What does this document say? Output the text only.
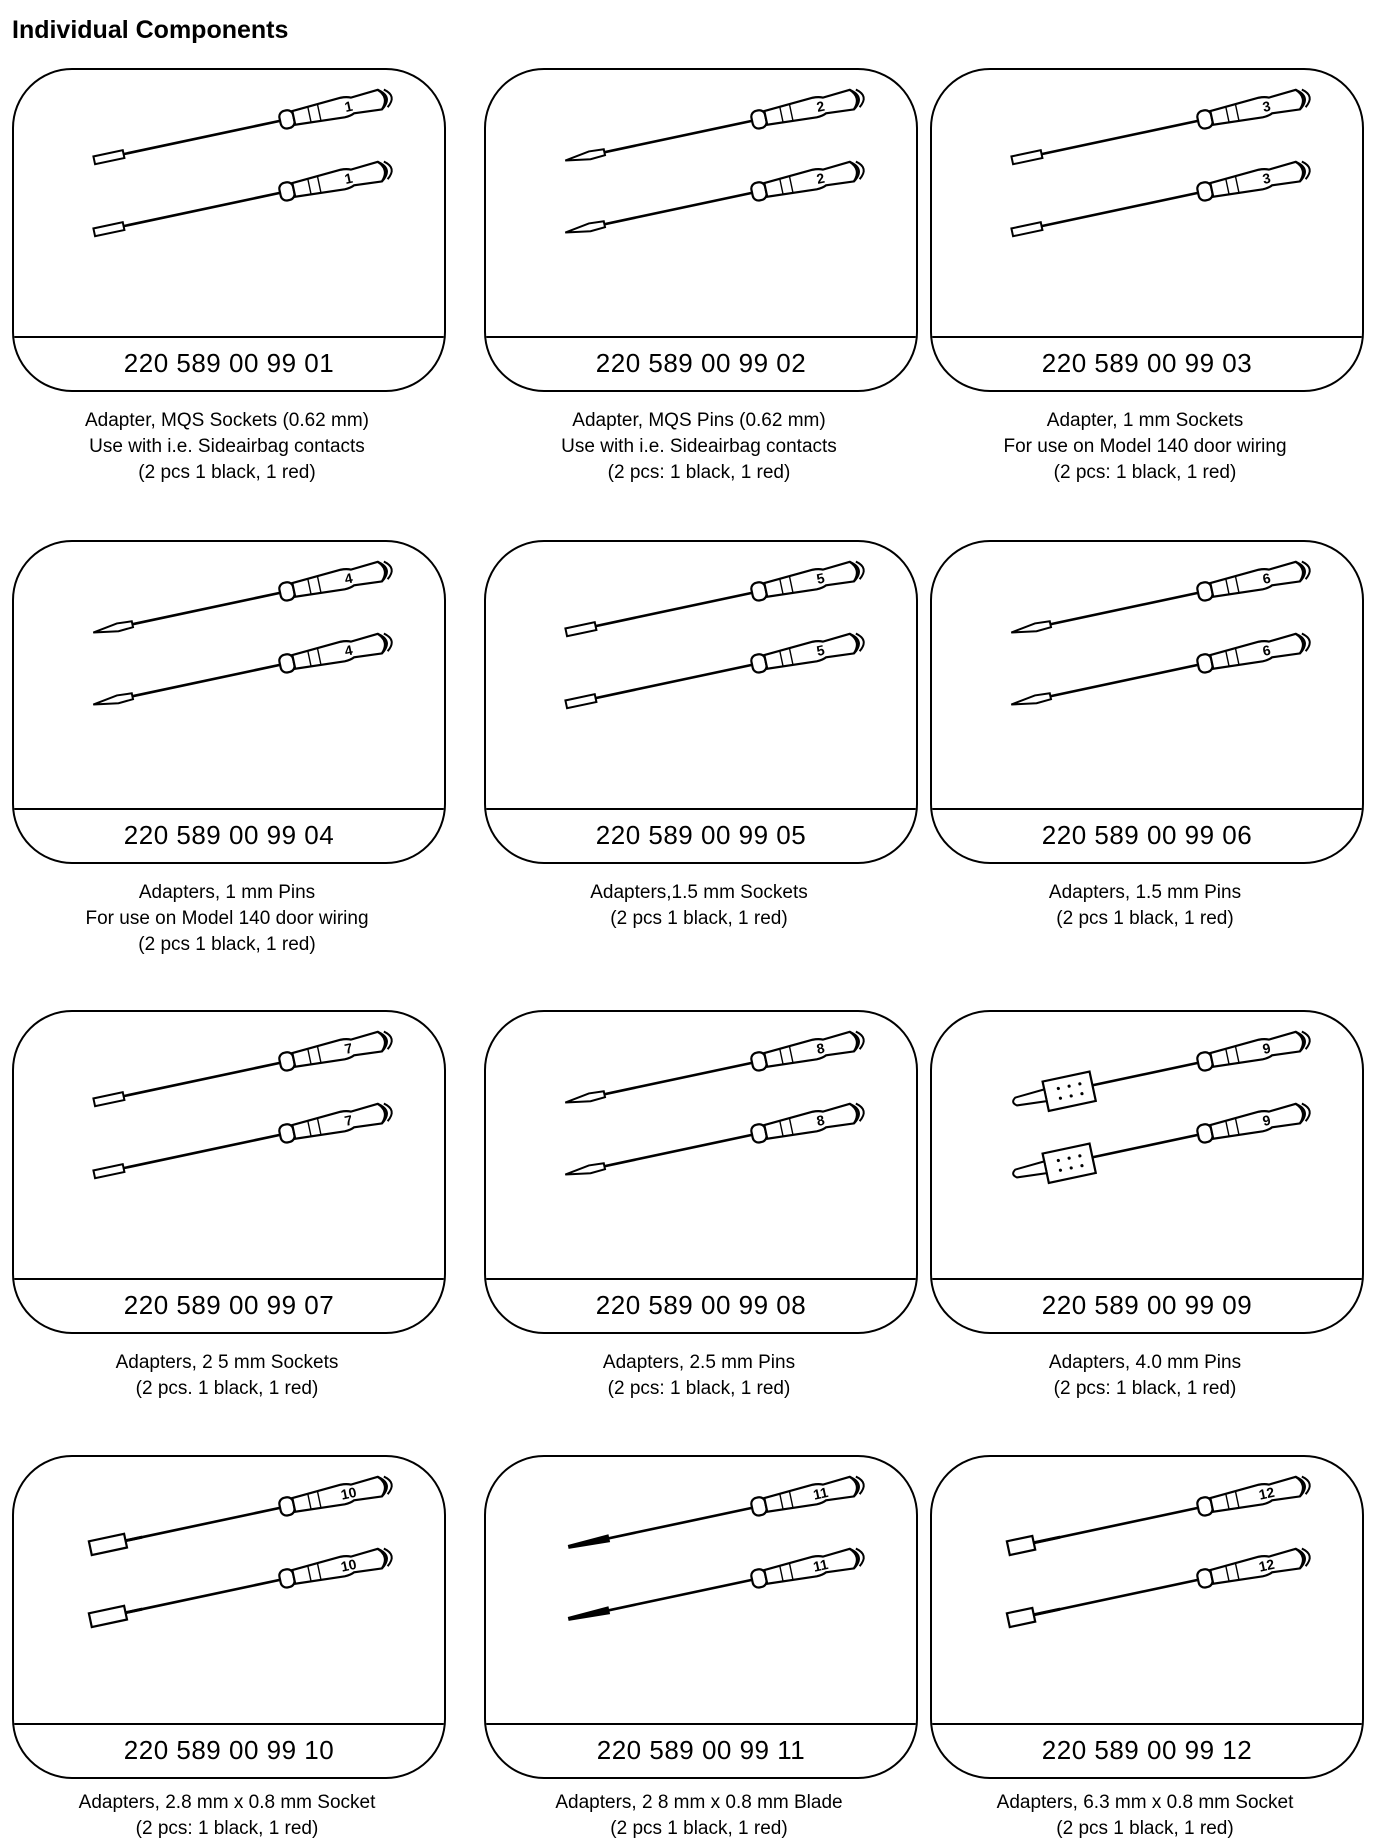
Individual Components
1
1
220 589 00 99 01
Adapter, MQS Sockets (0.62 mm)
Use with i.e. Sideairbag contacts
(2 pcs 1 black, 1 red)
2
2
220 589 00 99 02
Adapter, MQS Pins (0.62 mm)
Use with i.e. Sideairbag contacts
(2 pcs: 1 black, 1 red)
3
3
220 589 00 99 03
Adapter, 1 mm Sockets
For use on Model 140 door wiring
(2 pcs: 1 black, 1 red)
4
4
220 589 00 99 04
Adapters, 1 mm Pins
For use on Model 140 door wiring
(2 pcs 1 black, 1 red)
5
5
220 589 00 99 05
Adapters,1.5 mm Sockets
(2 pcs 1 black, 1 red)
6
6
220 589 00 99 06
Adapters, 1.5 mm Pins
(2 pcs 1 black, 1 red)
7
7
220 589 00 99 07
Adapters, 2 5 mm Sockets
(2 pcs. 1 black, 1 red)
8
8
220 589 00 99 08
Adapters, 2.5 mm Pins
(2 pcs: 1 black, 1 red)
9
9
220 589 00 99 09
Adapters, 4.0 mm Pins
(2 pcs: 1 black, 1 red)
10
10
220 589 00 99 10
Adapters, 2.8 mm x 0.8 mm Socket
(2 pcs: 1 black, 1 red)
11
11
220 589 00 99 11
Adapters, 2 8 mm x 0.8 mm Blade
(2 pcs 1 black, 1 red)
12
12
220 589 00 99 12
Adapters, 6.3 mm x 0.8 mm Socket
(2 pcs 1 black, 1 red)
